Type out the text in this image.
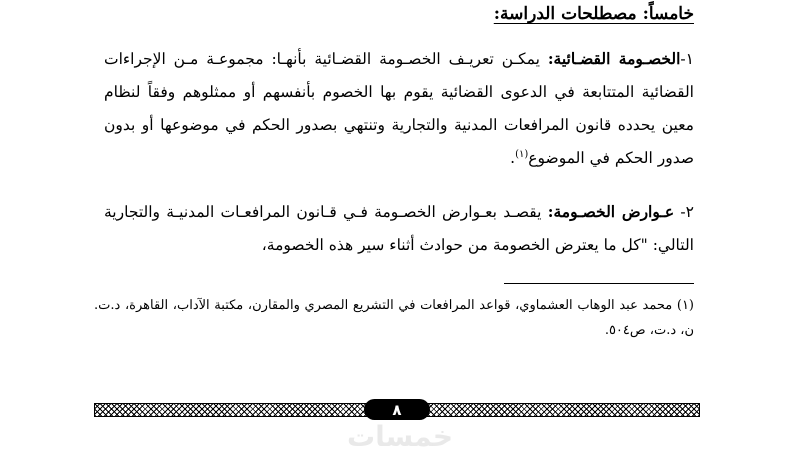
خامساً: مصطلحات الدراسة:
١-الخصـومة القضـائية: يمكـن تعريـف الخصـومة القضـائية بأنهـا: مجموعـة مـن الإجراءات القضائية المتتابعة في الدعوى القضائية يقوم بها الخصوم بأنفسهم أو ممثلوهم وفقاً لنظام معين يحدده قانون المرافعات المدنية والتجارية وتنتهي بصدور الحكم في موضوعها أو بدون صدور الحكم في الموضوع$^{(١)}$.
٢- عـوارض الخصـومة: يقصـد بعـوارض الخصـومة فـي قـانون المرافعـات المدنيـة والتجارية التالي: "كل ما يعترض الخصومة من حوادث أثناء سير هذه الخصومة،
(١) محمد عبد الوهاب العشماوي، قواعد المرافعات في التشريع المصري والمقارن، مكتبة الآداب، القاهرة، د.ت. ن، د.ت، ص٥٠٤.
٨
خمسات
